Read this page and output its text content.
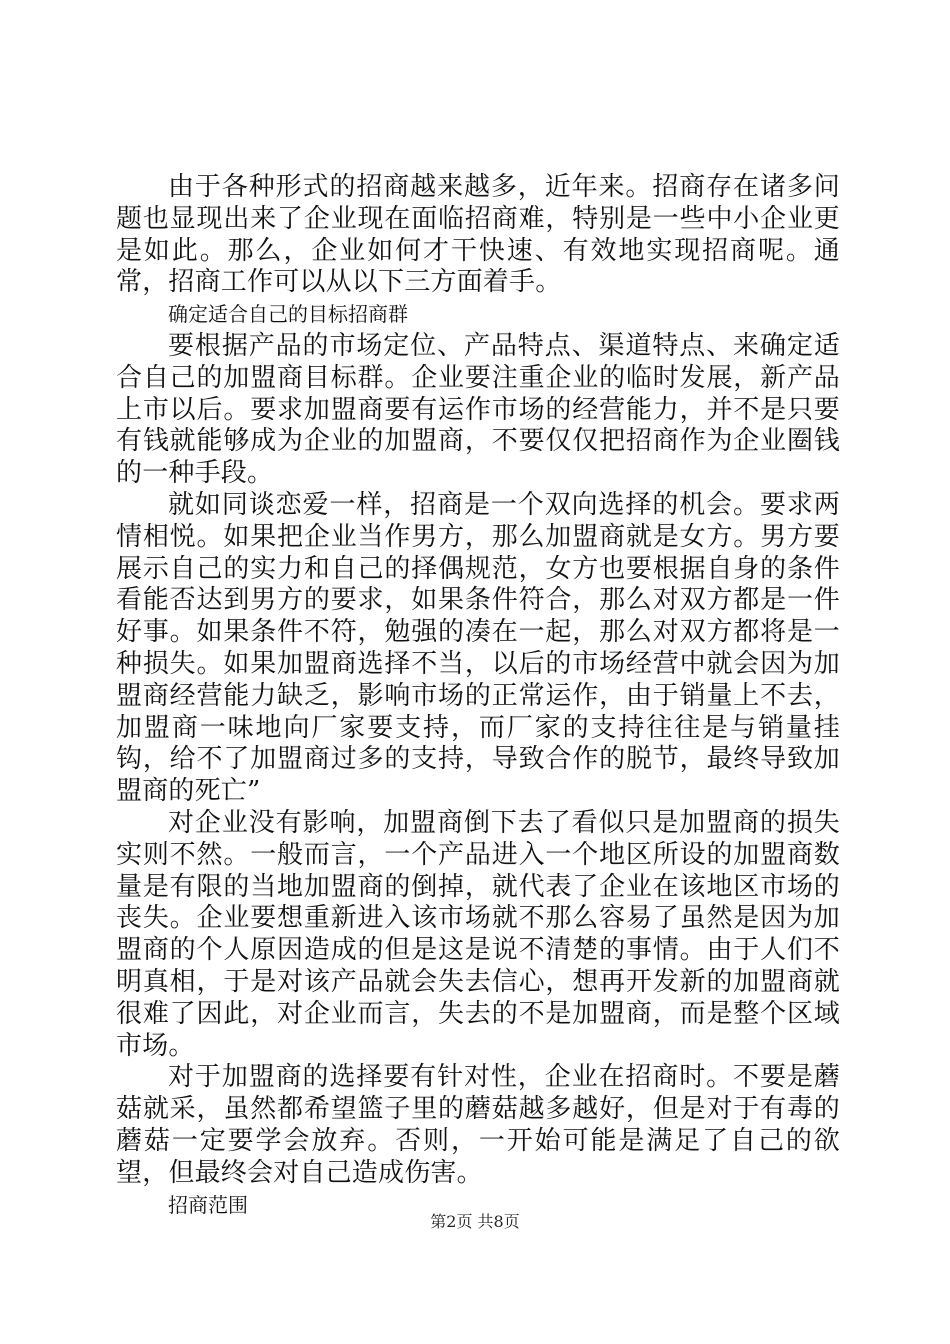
由于各种形式的招商越来越多，近年来。招商存在诸多问题也显现出来了企业现在面临招商难，特别是一些中小企业更是如此。那么，企业如何才干快速、有效地实现招商呢。通常，招商工作可以从以下三方面着手。

确定适合自己的目标招商群

要根据产品的市场定位、产品特点、渠道特点、来确定适合自己的加盟商目标群。企业要注重企业的临时发展，新产品上市以后。要求加盟商要有运作市场的经营能力，并不是只要有钱就能够成为企业的加盟商，不要仅仅把招商作为企业圈钱的一种手段。

就如同谈恋爱一样，招商是一个双向选择的机会。要求两情相悦。如果把企业当作男方，那么加盟商就是女方。男方要展示自己的实力和自己的择偶规范，女方也要根据自身的条件看能否达到男方的要求，如果条件符合，那么对双方都是一件好事。如果条件不符，勉强的凑在一起，那么对双方都将是一种损失。如果加盟商选择不当，以后的市场经营中就会因为加盟商经营能力缺乏，影响市场的正常运作，由于销量上不去，加盟商一味地向厂家要支持，而厂家的支持往往是与销量挂钩，给不了加盟商过多的支持，导致合作的脱节，最终导致加盟商的死亡”

对企业没有影响，加盟商倒下去了看似只是加盟商的损失实则不然。一般而言，一个产品进入一个地区所设的加盟商数量是有限的当地加盟商的倒掉，就代表了企业在该地区市场的丧失。企业要想重新进入该市场就不那么容易了虽然是因为加盟商的个人原因造成的但是这是说不清楚的事情。由于人们不明真相，于是对该产品就会失去信心，想再开发新的加盟商就很难了因此，对企业而言，失去的不是加盟商，而是整个区域市场。

对于加盟商的选择要有针对性，企业在招商时。不要是蘑菇就采，虽然都希望篮子里的蘑菇越多越好，但是对于有毒的蘑菇一定要学会放弃。否则，一开始可能是满足了自己的欲望，但最终会对自己造成伤害。

招商范围

第2页 共8页
